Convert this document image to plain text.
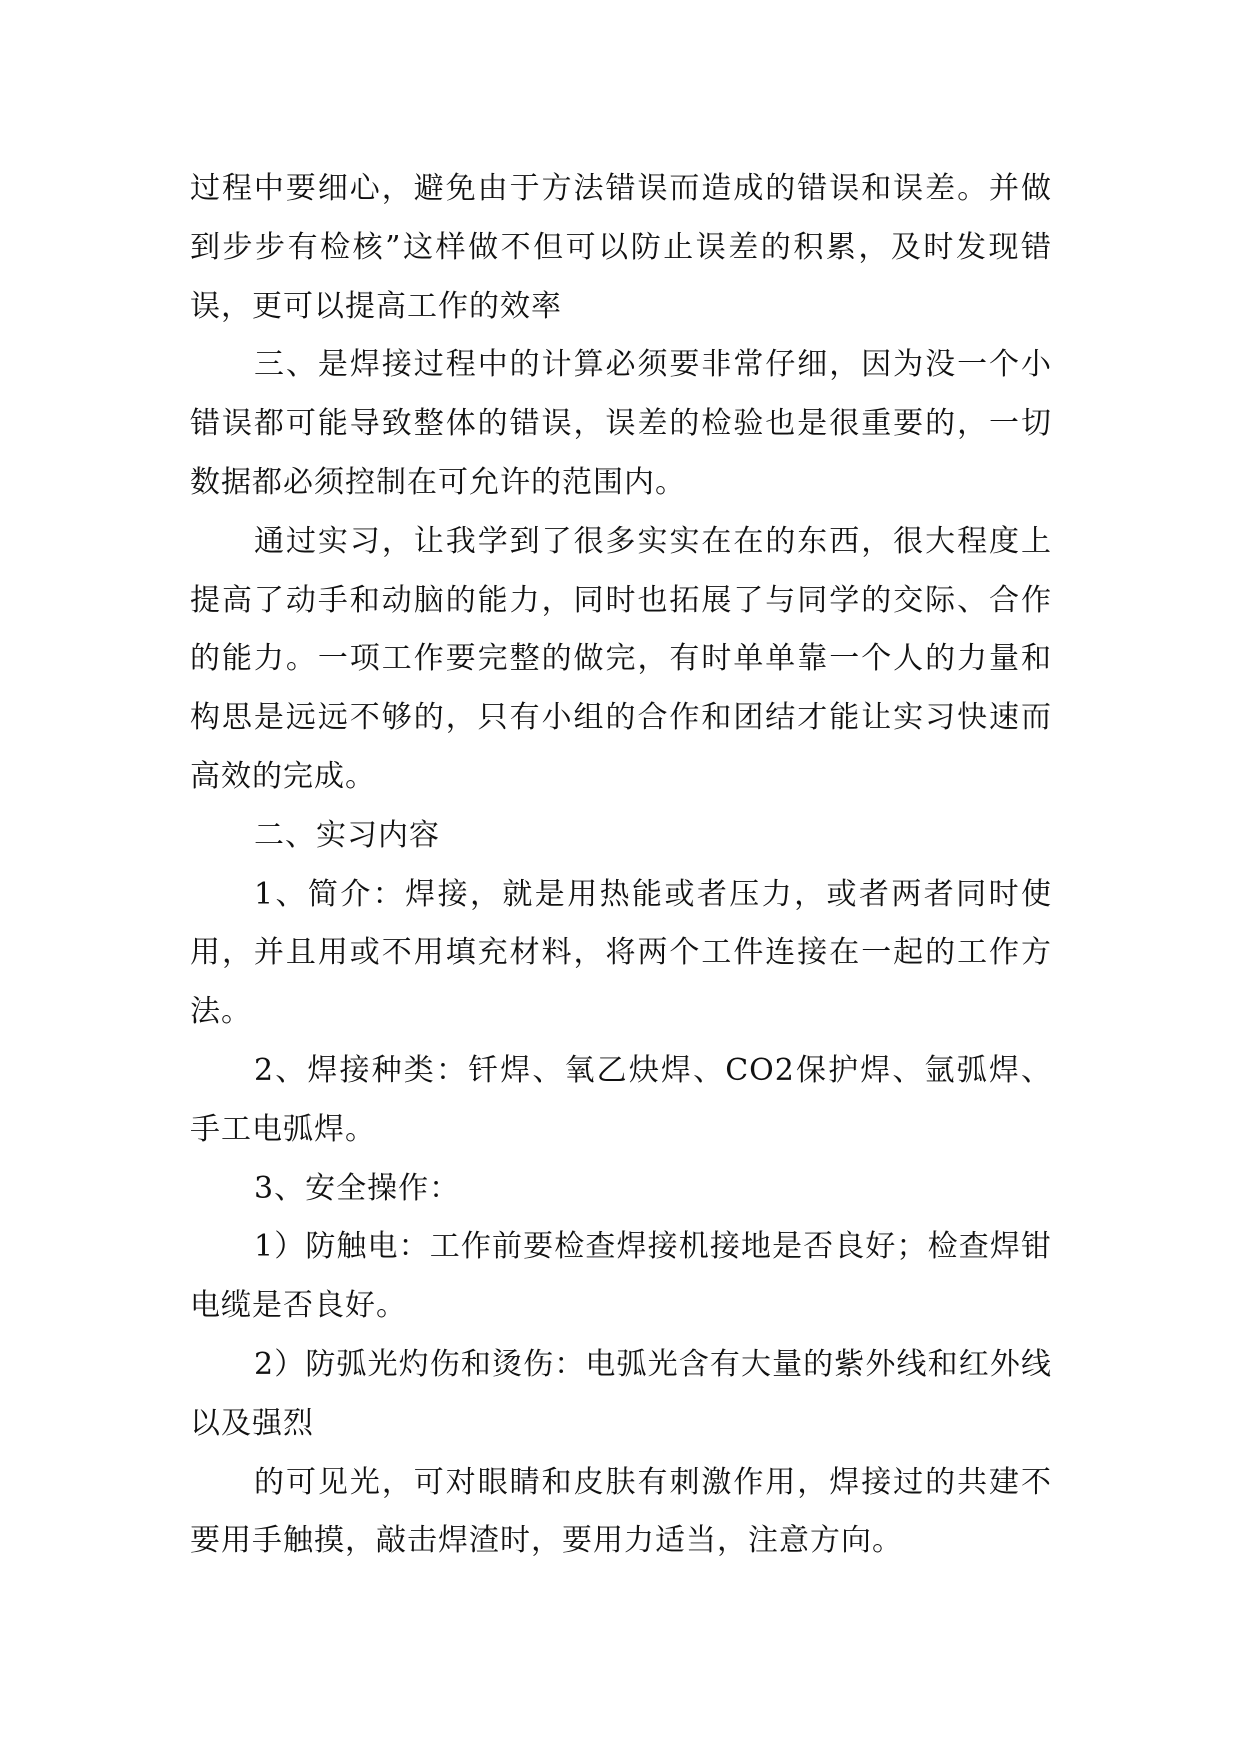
过程中要细心，避免由于方法错误而造成的错误和误差。并做到步步有检核”这样做不但可以防止误差的积累，及时发现错误，更可以提高工作的效率

三、是焊接过程中的计算必须要非常仔细，因为没一个小错误都可能导致整体的错误，误差的检验也是很重要的，一切数据都必须控制在可允许的范围内。

通过实习，让我学到了很多实实在在的东西，很大程度上提高了动手和动脑的能力，同时也拓展了与同学的交际、合作的能力。一项工作要完整的做完，有时单单靠一个人的力量和构思是远远不够的，只有小组的合作和团结才能让实习快速而高效的完成。

二、实习内容

1、简介：焊接，就是用热能或者压力，或者两者同时使用，并且用或不用填充材料，将两个工件连接在一起的工作方法。

2、焊接种类：钎焊、氧乙炔焊、CO2保护焊、氩弧焊、手工电弧焊。

3、安全操作：

1）防触电：工作前要检查焊接机接地是否良好；检查焊钳电缆是否良好。

2）防弧光灼伤和烫伤：电弧光含有大量的紫外线和红外线以及强烈

的可见光，可对眼睛和皮肤有刺激作用，焊接过的共建不要用手触摸，敲击焊渣时，要用力适当，注意方向。
